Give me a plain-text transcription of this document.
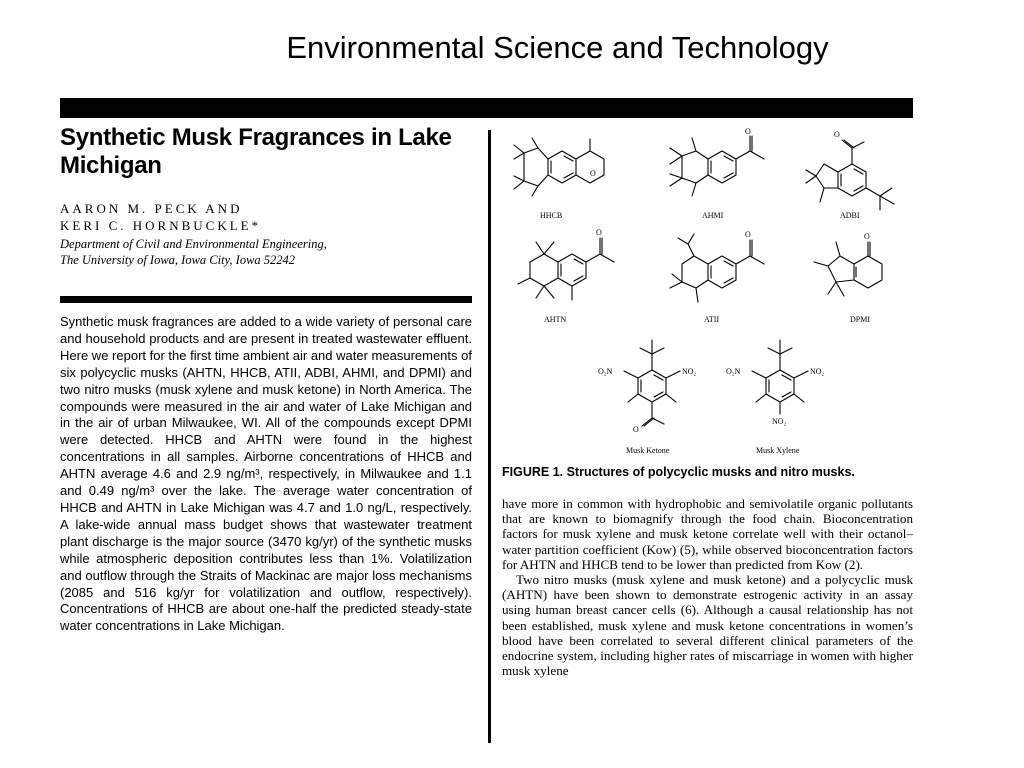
Environmental Science and Technology
Synthetic Musk Fragrances in Lake Michigan
AARON M. PECK AND
KERI C. HORNBUCKLE*
Department of Civil and Environmental Engineering,
The University of Iowa, Iowa City, Iowa 52242
Synthetic musk fragrances are added to a wide variety of personal care and household products and are present in treated wastewater effluent. Here we report for the first time ambient air and water measurements of six polycyclic musks (AHTN, HHCB, ATII, ADBI, AHMI, and DPMI) and two nitro musks (musk xylene and musk ketone) in North America. The compounds were measured in the air and water of Lake Michigan and in the air of urban Milwaukee, WI. All of the compounds except DPMI were detected. HHCB and AHTN were found in the highest concentrations in all samples. Airborne concentrations of HHCB and AHTN average 4.6 and 2.9 ng/m³, respectively, in Milwaukee and 1.1 and 0.49 ng/m³ over the lake. The average water concentration of HHCB and AHTN in Lake Michigan was 4.7 and 1.0 ng/L, respectively. A lake-wide annual mass budget shows that wastewater treatment plant discharge is the major source (3470 kg/yr) of the synthetic musks while atmospheric deposition contributes less than 1%. Volatilization and outflow through the Straits of Mackinac are major loss mechanisms (2085 and 516 kg/yr for volatilization and outflow, respectively). Concentrations of HHCB are about one-half the predicted steady-state water concentrations in Lake Michigan.
O
HHCB
O
AHMI
O
ADBI
O
AHTN
O
ATII
O
DPMI
O₂N	NO₂
O
Musk Ketone
O₂N	NO₂
NO₂
Musk Xylene
FIGURE 1. Structures of polycyclic musks and nitro musks.

have more in common with hydrophobic and semivolatile organic pollutants that are known to biomagnify through the food chain. Bioconcentration factors for musk xylene and musk ketone correlate well with their octanol–water partition coefficient (Kow) (5), while observed bioconcentration factors for AHTN and HHCB tend to be lower than predicted from Kow (2).

Two nitro musks (musk xylene and musk ketone) and a polycyclic musk (AHTN) have been shown to demonstrate estrogenic activity in an assay using human breast cancer cells (6). Although a causal relationship has not been established, musk xylene and musk ketone concentrations in women’s blood have been correlated to several different clinical parameters of the endocrine system, including higher rates of miscarriage in women with higher musk xylene
